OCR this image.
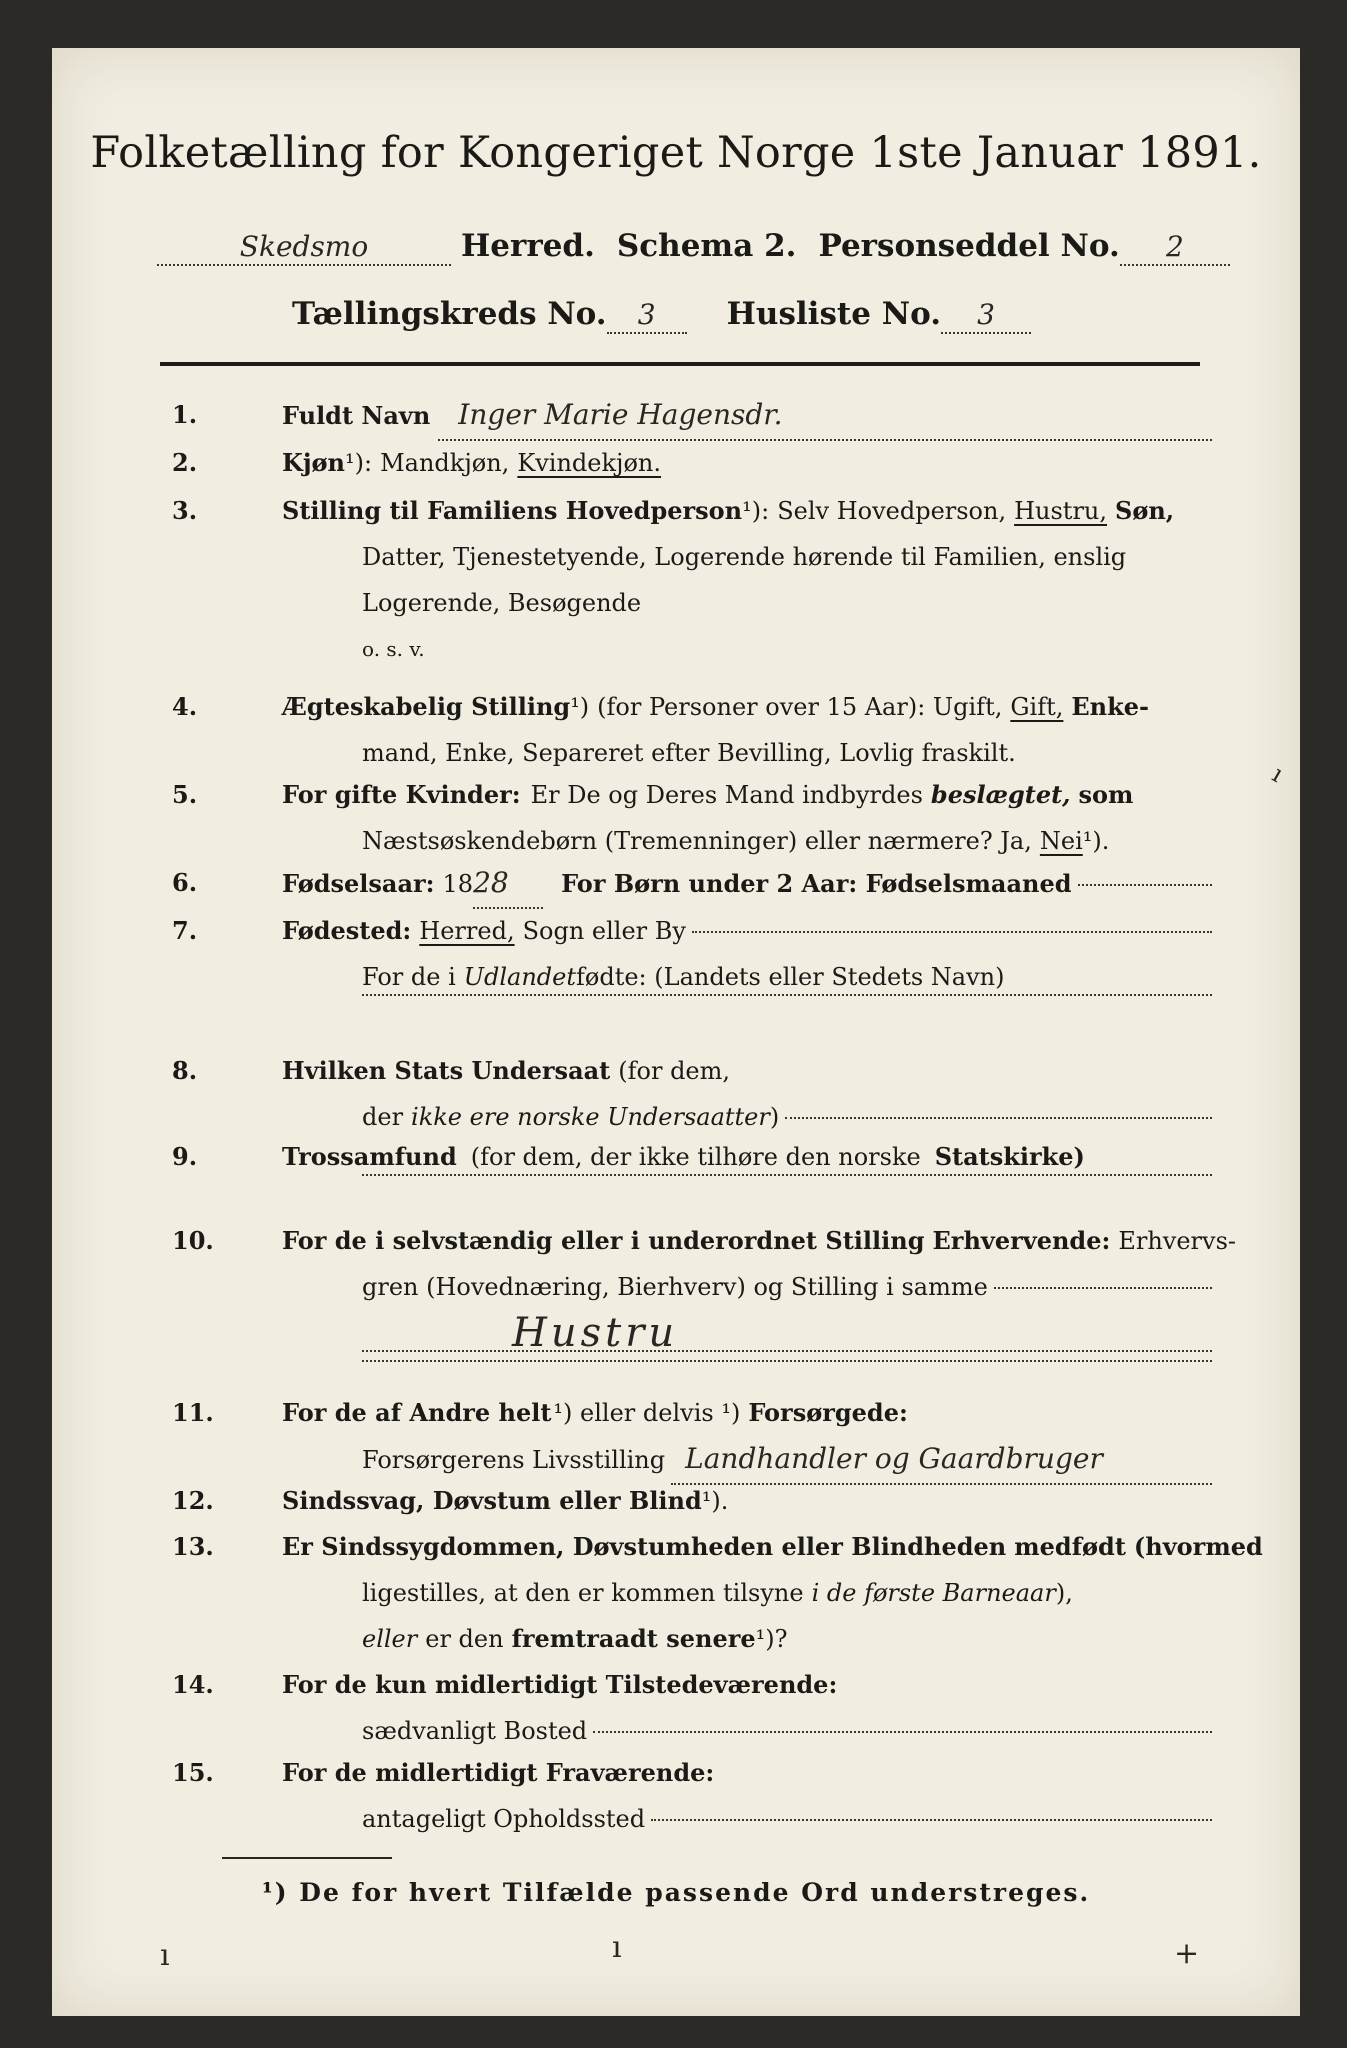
Folketælling for Kongeriget Norge 1ste Januar 1891.
Skedsmo	Herred. Schema 2. Personseddel No.	2
Tællingskreds No.	3	Husliste No.	3
1.	Fuldt Navn	Inger Marie Hagensdr.
2.	Kjøn ¹): Mandkjøn, Kvindekjøn.
3.	Stilling til Familiens Hovedperson ¹): Selv Hovedperson, Hustru, Søn,
Datter, Tjenestetyende, Logerende hørende til Familien, enslig
Logerende, Besøgende
o. s. v.
4.	Ægteskabelig Stilling ¹) (for Personer over 15 Aar): Ugift, Gift, Enke-
mand, Enke, Separeret efter Bevilling, Lovlig fraskilt.
5.	For gifte Kvinder: Er De og Deres Mand indbyrdes beslægtet, som
Næstsøskendebørn (Tremenninger) eller nærmere? Ja, Nei ¹).
6.	Fødselsaar: 18 28	For Børn under 2 Aar: Fødselsmaaned
7.	Fødested: Herred, Sogn eller By
For de i Udlandet fødte: (Landets eller Stedets Navn)
8.	Hvilken Stats Undersaat (for dem,
der ikke ere norske Undersaatter )
9.	Trossamfund (for dem, der ikke tilhøre den norske Statskirke)
10.	For de i selvstændig eller i underordnet Stilling Erhvervende: Erhvervs-
gren (Hovednæring, Bierhverv) og Stilling i samme
Hustru
11.	For de af Andre helt ¹) eller delvis ¹) Forsørgede:
Forsørgerens Livsstilling Landhandler og Gaardbruger
12.	Sindssvag, Døvstum eller Blind ¹).
13.	Er Sindssygdommen, Døvstumheden eller Blindheden medfødt (hvormed
ligestilles, at den er kommen tilsyne i de første Barneaar ),
eller er den fremtraadt senere ¹)?
14.	For de kun midlertidigt Tilstedeværende:
sædvanligt Bosted
15.	For de midlertidigt Fraværende:
antageligt Opholdssted
¹) De for hvert Tilfælde passende Ord understreges.
ı	ı	+
ı
